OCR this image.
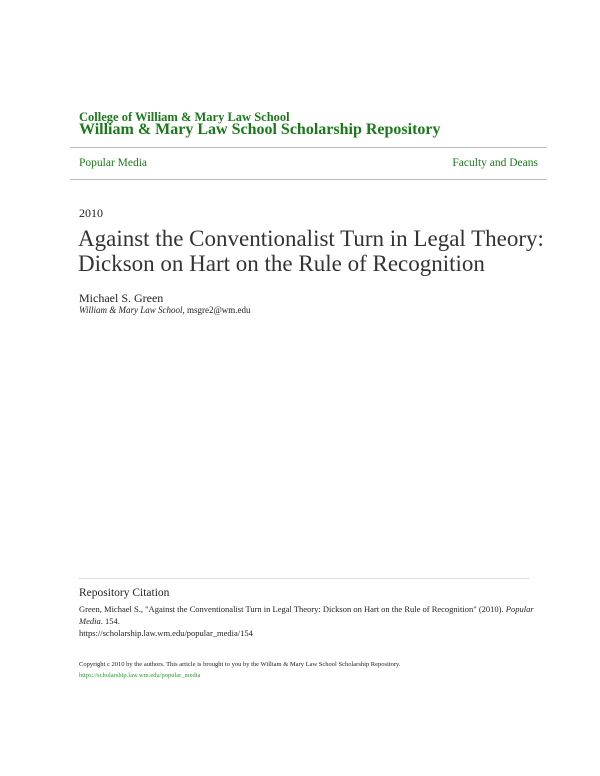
College of William & Mary Law School
William & Mary Law School Scholarship Repository
Popular Media	Faculty and Deans
2010
Against the Conventionalist Turn in Legal Theory: Dickson on Hart on the Rule of Recognition
Michael S. Green
William & Mary Law School, msgre2@wm.edu
Repository Citation
Green, Michael S., "Against the Conventionalist Turn in Legal Theory: Dickson on Hart on the Rule of Recognition" (2010). Popular Media. 154.
https://scholarship.law.wm.edu/popular_media/154
Copyright c 2010 by the authors. This article is brought to you by the William & Mary Law School Scholarship Repository.
https://scholarship.law.wm.edu/popular_media
